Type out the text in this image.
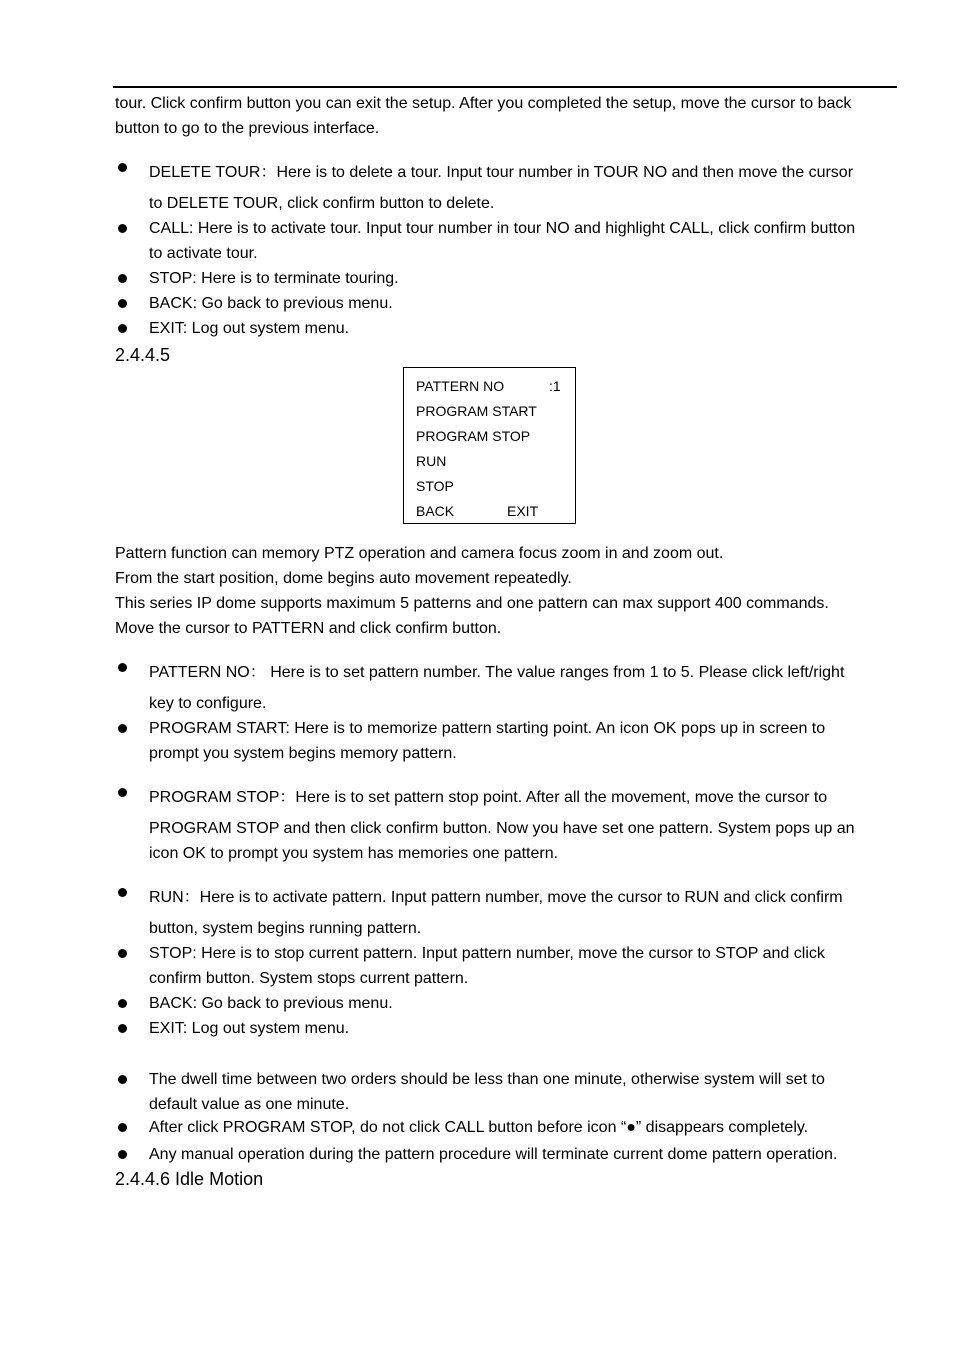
tour. Click confirm button you can exit the setup. After you completed the setup, move the cursor to back
button to go to the previous interface.
DELETE TOUR：Here is to delete a tour. Input tour number in TOUR NO and then move the cursor
to DELETE TOUR, click confirm button to delete.
CALL: Here is to activate tour. Input tour number in tour NO and highlight CALL, click confirm button
to activate tour.
STOP: Here is to terminate touring.
BACK: Go back to previous menu.
EXIT: Log out system menu.
2.4.4.5
PATTERN NO	:1
PROGRAM START
PROGRAM STOP
RUN
STOP
BACK	EXIT
Pattern function can memory PTZ operation and camera focus zoom in and zoom out.
From the start position, dome begins auto movement repeatedly.
This series IP dome supports maximum 5 patterns and one pattern can max support 400 commands.
Move the cursor to PATTERN and click confirm button.
PATTERN NO： Here is to set pattern number. The value ranges from 1 to 5. Please click left/right
key to configure.
PROGRAM START: Here is to memorize pattern starting point. An icon OK pops up in screen to
prompt you system begins memory pattern.
PROGRAM STOP：Here is to set pattern stop point. After all the movement, move the cursor to
PROGRAM STOP and then click confirm button. Now you have set one pattern. System pops up an
icon OK to prompt you system has memories one pattern.
RUN：Here is to activate pattern. Input pattern number, move the cursor to RUN and click confirm
button, system begins running pattern.
STOP: Here is to stop current pattern. Input pattern number, move the cursor to STOP and click
confirm button. System stops current pattern.
BACK: Go back to previous menu.
EXIT: Log out system menu.
The dwell time between two orders should be less than one minute, otherwise system will set to
default value as one minute.
After click PROGRAM STOP, do not click CALL button before icon “●” disappears completely.
Any manual operation during the pattern procedure will terminate current dome pattern operation.
2.4.4.6 Idle Motion
